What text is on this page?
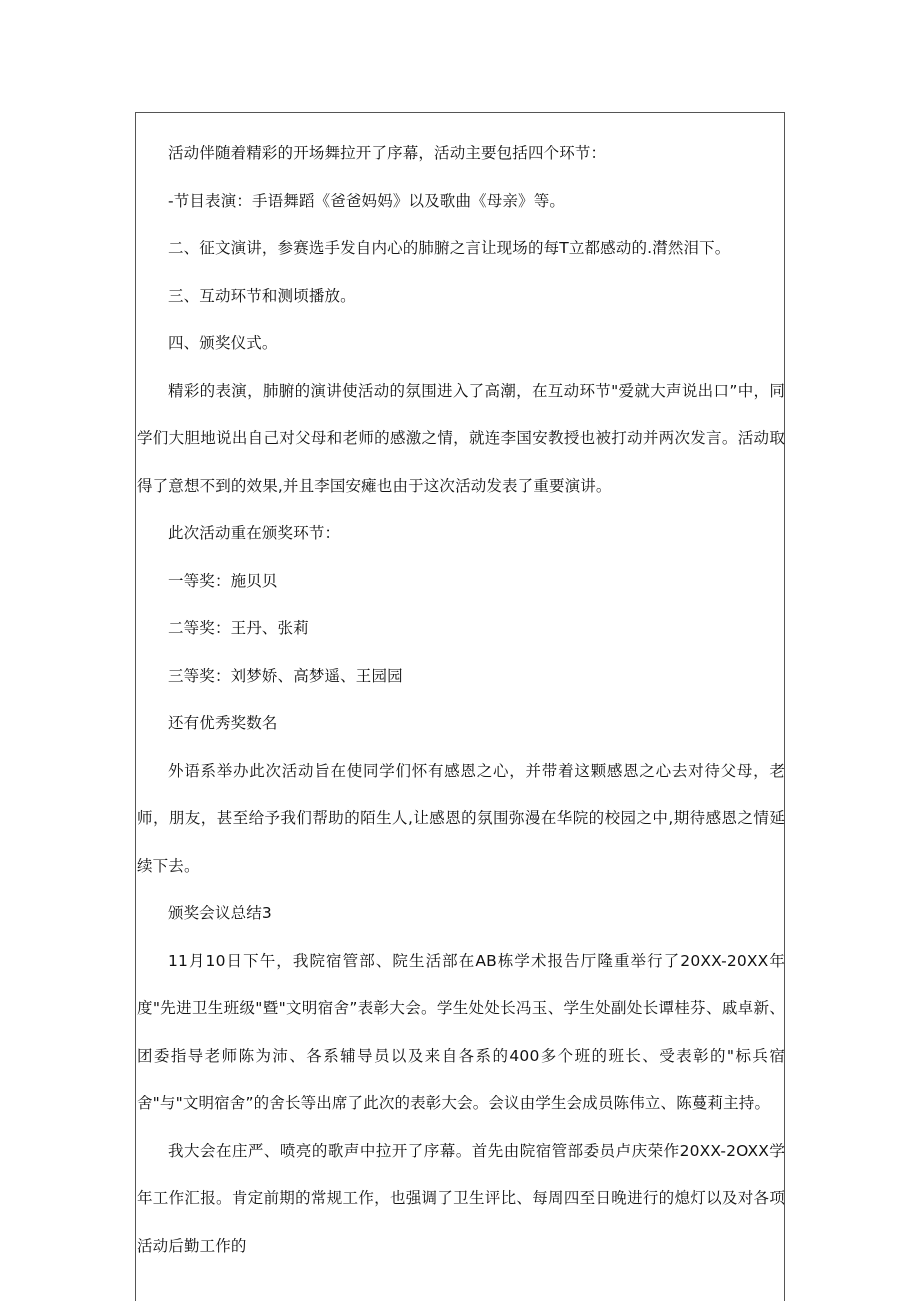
活动伴随着精彩的开场舞拉开了序幕，活动主要包括四个环节：

-节目表演：手语舞蹈《爸爸妈妈》以及歌曲《母亲》等。

二、征文演讲，参赛选手发自内心的肺腑之言让现场的每T立都感动的.潸然泪下。

三、互动环节和测顷播放。

四、颁奖仪式。

精彩的表演，肺腑的演讲使活动的氛围进入了高潮，在互动环节"爱就大声说出口”中，同学们大胆地说出自己对父母和老师的感激之情，就连李国安教授也被打动并两次发言。活动取得了意想不到的效果,并且李国安瘫也由于这次活动发表了重要演讲。

此次活动重在颁奖环节：

一等奖：施贝贝

二等奖：王丹、张莉

三等奖：刘梦娇、高梦遥、王园园

还有优秀奖数名

外语系举办此次活动旨在使同学们怀有感恩之心，并带着这颗感恩之心去对待父母，老师，朋友，甚至给予我们帮助的陌生人,让感恩的氛围弥漫在华院的校园之中,期待感恩之情延续下去。

颁奖会议总结3

11月10日下午，我院宿管部、院生活部在AB栋学术报告厅隆重举行了20XX-20XX年度"先进卫生班级"暨"文明宿舍”表彰大会。学生处处长冯玉、学生处副处长谭桂芬、戚卓新、团委指导老师陈为沛、各系辅导员以及来自各系的400多个班的班长、受表彰的"标兵宿舍"与"文明宿舍”的舍长等出席了此次的表彰大会。会议由学生会成员陈伟立、陈蔓莉主持。

我大会在庄严、喷亮的歌声中拉开了序幕。首先由院宿管部委员卢庆荣作20XX-2OXX学年工作汇报。肯定前期的常规工作，也强调了卫生评比、每周四至日晚进行的熄灯以及对各项活动后勤工作的
